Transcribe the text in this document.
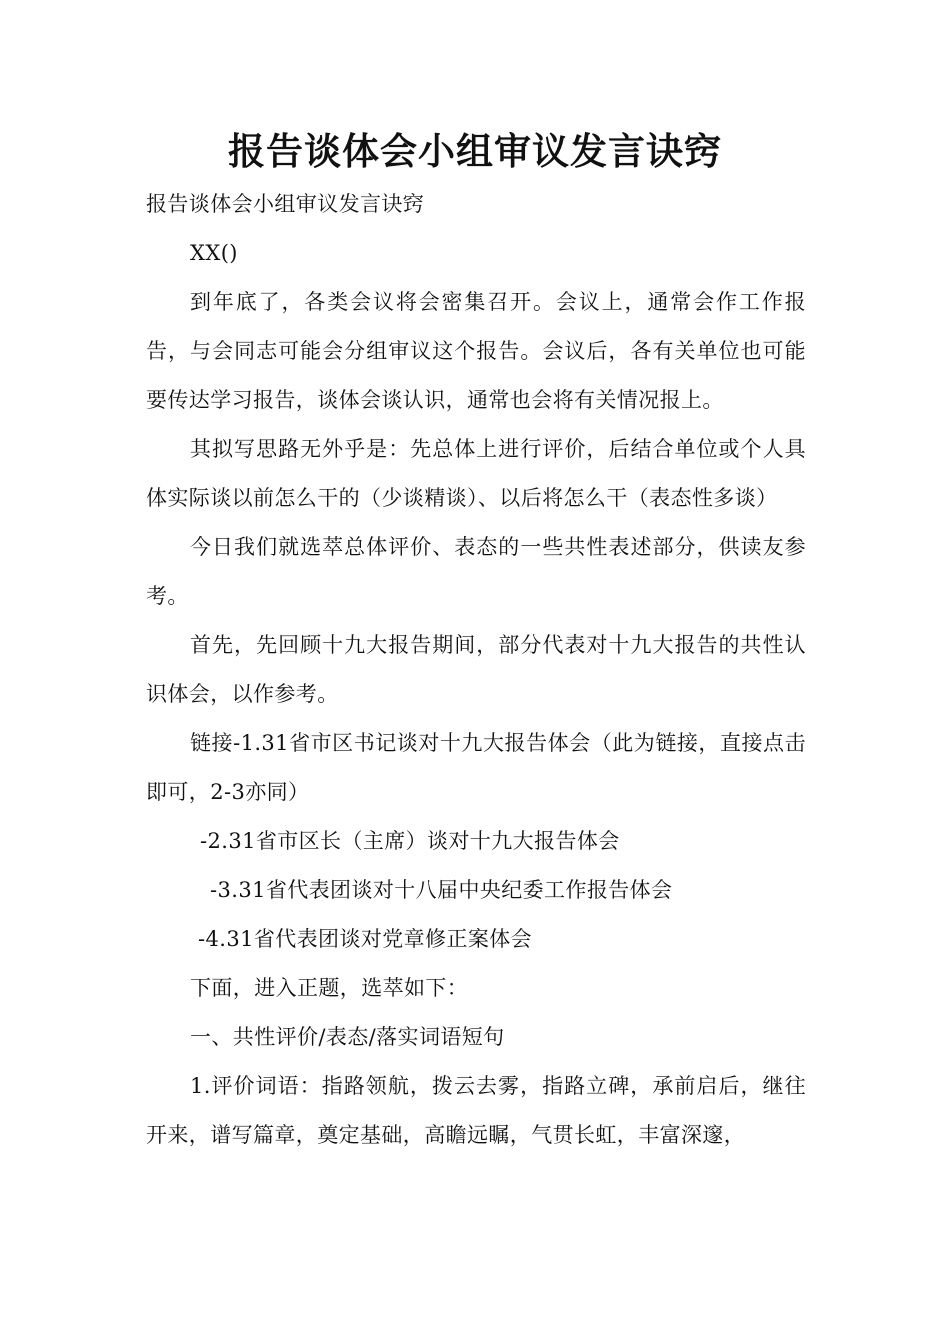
报告谈体会小组审议发言诀窍

报告谈体会小组审议发言诀窍

XX()

到年底了，各类会议将会密集召开。会议上，通常会作工作报告，与会同志可能会分组审议这个报告。会议后，各有关单位也可能要传达学习报告，谈体会谈认识，通常也会将有关情况报上。

其拟写思路无外乎是：先总体上进行评价，后结合单位或个人具体实际谈以前怎么干的（少谈精谈）、以后将怎么干（表态性多谈）

今日我们就选萃总体评价、表态的一些共性表述部分，供读友参考。

首先，先回顾十九大报告期间，部分代表对十九大报告的共性认识体会，以作参考。

链接-1.31省市区书记谈对十九大报告体会（此为链接，直接点击即可，2-3亦同）

-2.31省市区长（主席）谈对十九大报告体会

-3.31省代表团谈对十八届中央纪委工作报告体会

-4.31省代表团谈对党章修正案体会

下面，进入正题，选萃如下：

一、共性评价/表态/落实词语短句

1.评价词语：指路领航，拨云去雾，指路立碑，承前启后，继往开来，谱写篇章，奠定基础，高瞻远瞩，气贯长虹，丰富深邃，
